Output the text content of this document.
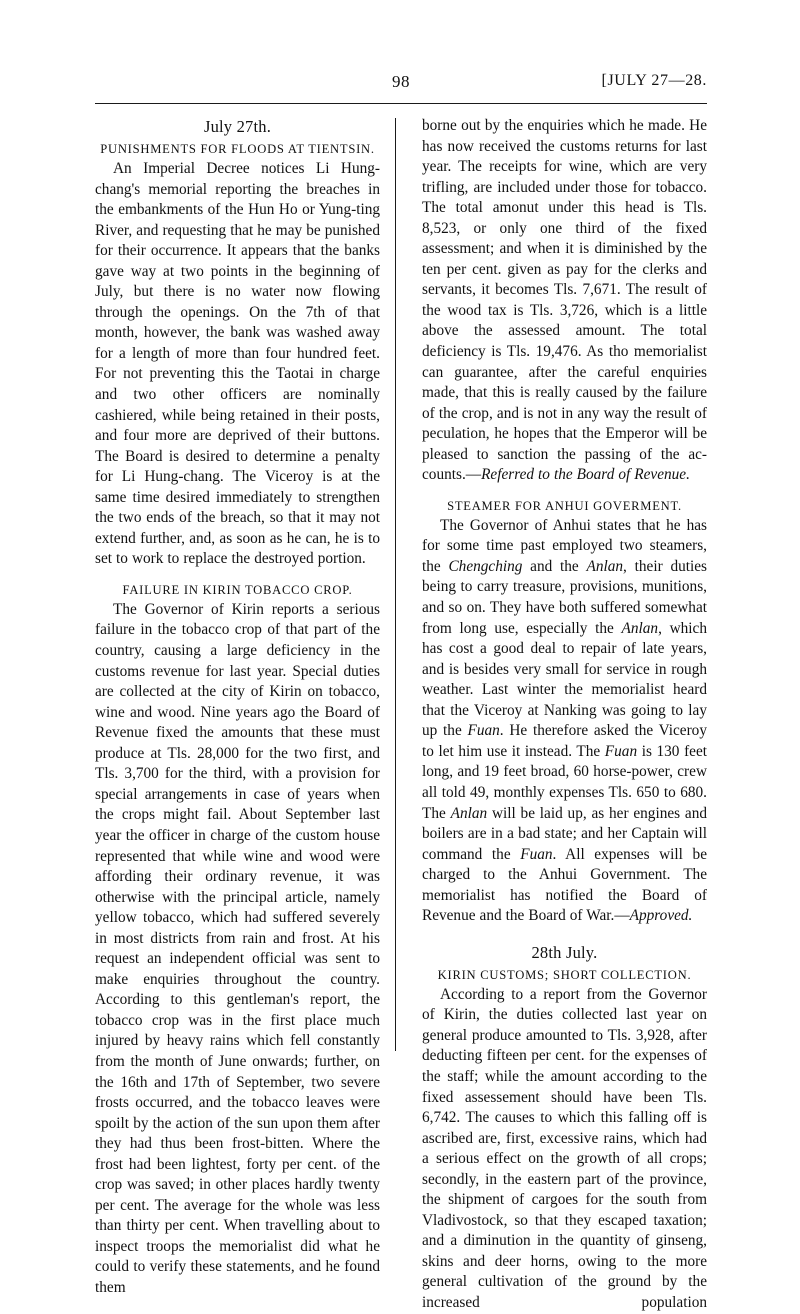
98	[JULY 27—28.
July 27th.
PUNISHMENTS FOR FLOODS AT TIENTSIN.

An Imperial Decree notices Li Hung-chang's memorial reporting the breaches in the embankments of the Hun Ho or Yung-ting River, and requesting that he may be punished for their occurrence. It appears that the banks gave way at two points in the beginning of July, but there is no water now flowing through the openings. On the 7th of that month, however, the bank was washed away for a length of more than four hundred feet. For not preventing this the Taotai in charge and two other officers are nominally cashiered, while being retained in their posts, and four more are deprived of their buttons. The Board is desired to determine a penalty for Li Hung-chang. The Viceroy is at the same time desired immediately to strengthen the two ends of the breach, so that it may not extend further, and, as soon as he can, he is to set to work to replace the destroyed portion.

FAILURE IN KIRIN TOBACCO CROP.

The Governor of Kirin reports a serious failure in the tobacco crop of that part of the country, causing a large deficiency in the customs revenue for last year. Special duties are collected at the city of Kirin on tobacco, wine and wood. Nine years ago the Board of Revenue fixed the amounts that these must produce at Tls. 28,000 for the two first, and Tls. 3,700 for the third, with a provision for special arrangements in case of years when the crops might fail. About September last year the officer in charge of the custom house represented that while wine and wood were affording their ordinary revenue, it was otherwise with the principal article, namely yellow tobacco, which had suffered severely in most districts from rain and frost. At his request an independent official was sent to make enquiries throughout the country. According to this gentleman's report, the tobacco crop was in the first place much injured by heavy rains which fell constantly from the month of June onwards; further, on the 16th and 17th of September, two severe frosts occurred, and the tobacco leaves were spoilt by the action of the sun upon them after they had thus been frost-bitten. Where the frost had been lightest, forty per cent. of the crop was saved; in other places hardly twenty per cent. The average for the whole was less than thirty per cent. When travelling about to inspect troops the memorialist did what he could to verify these statements, and he found them

borne out by the enquiries which he made. He has now received the customs returns for last year. The receipts for wine, which are very trifling, are included under those for tobacco. The total amonut under this head is Tls. 8,523, or only one third of the fixed assessment; and when it is diminished by the ten per cent. given as pay for the clerks and servants, it becomes Tls. 7,671. The result of the wood tax is Tls. 3,726, which is a little above the assessed amount. The total deficiency is Tls. 19,476. As tho memorialist can guarantee, after the careful enquiries made, that this is really caused by the failure of the crop, and is not in any way the result of peculation, he hopes that the Emperor will be pleased to sanction the passing of the ac-counts.—Referred to the Board of Revenue.

STEAMER FOR ANHUI GOVERMENT.

The Governor of Anhui states that he has for some time past employed two steamers, the Chengching and the Anlan, their duties being to carry treasure, provisions, munitions, and so on. They have both suffered somewhat from long use, especially the Anlan, which has cost a good deal to repair of late years, and is besides very small for service in rough weather. Last winter the memorialist heard that the Viceroy at Nanking was going to lay up the Fuan. He therefore asked the Viceroy to let him use it instead. The Fuan is 130 feet long, and 19 feet broad, 60 horse-power, crew all told 49, monthly expenses Tls. 650 to 680. The Anlan will be laid up, as her engines and boilers are in a bad state; and her Captain will command the Fuan. All expenses will be charged to the Anhui Government. The memorialist has notified the Board of Revenue and the Board of War.—Approved.

28th July.
KIRIN CUSTOMS; SHORT COLLECTION.

According to a report from the Governor of Kirin, the duties collected last year on general produce amounted to Tls. 3,928, after deducting fifteen per cent. for the expenses of the staff; while the amount according to the fixed assessement should have been Tls. 6,742. The causes to which this falling off is ascribed are, first, excessive rains, which had a serious effect on the growth of all crops; secondly, in the eastern part of the province, the shipment of cargoes for the south from Vladivostock, so that they escaped taxation; and a diminution in the quantity of ginseng, skins and deer horns, owing to the more general cultivation of the ground by the increased population
